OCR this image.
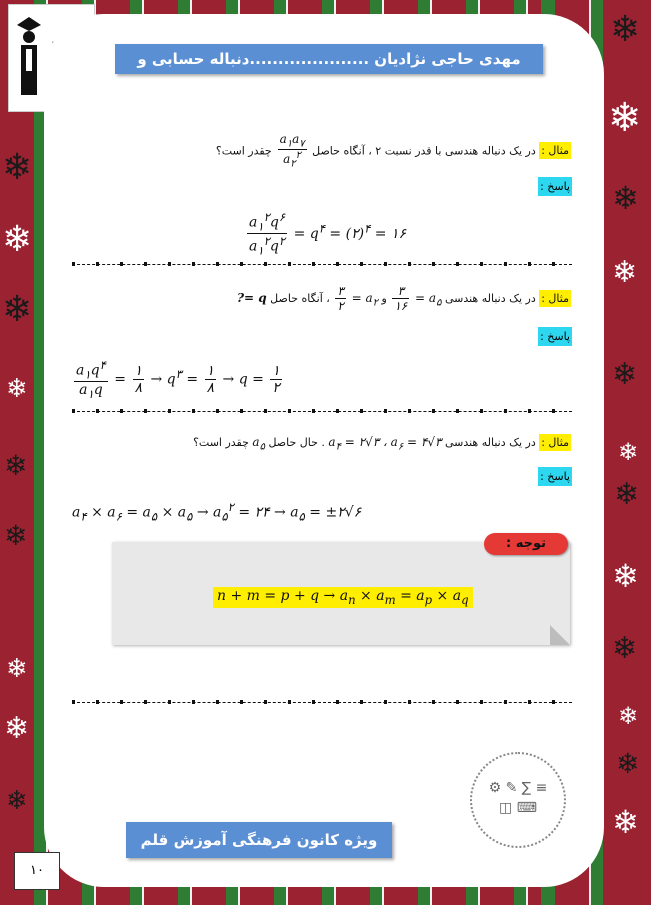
❄
❄
❄
❄
❄
❄
❄
❄
❄
❄
❄
❄
❄
❄
❄
❄
❄
❄
❄
❄
❄
مهدی حاجی نژادیان .....................دنباله حسابی و هندسی
مثال : در یک دنباله هندسی با قدر نسبت ۲ ، آنگاه حاصل
$\frac{a_۱a_۷}{a_۲^۲}$
چقدر است؟
پاسخ :
$\frac{a_۱^۲q^۶}{a_۱^۲q^۲} = q^۴$ = (۲)$^۴$ = ۱۶
مثال : در یک دنباله هندسی $a_۵$ =
$\frac{۳}{۱۶}$
و $a_۲$ =
$\frac{۳}{۲}$
، آنگاه حاصل q =?
پاسخ :
$\frac{a_۱q^۴}{a_۱q} = \frac{۱}{۸} \to q^۳ = \frac{۱}{۸} \to q = \frac{۱}{۲}$
مثال : در یک دنباله هندسی $a_۴$ = ۲√۳ ، $a_۶$ = ۴√۳ . حال حاصل $a_۵$ چقدر است؟
پاسخ :
$a_۴ \times a_۶ = a_۵ \times a_۵ \to a_۵^۲$ = ۲۴ → $a_۵$ = ±۲√۶
توجه :
$n + m = p + q \to a_n \times a_m = a_p \times a_q$
⚙ ✎ ∑ ≡ ◫ ⌨
ویژه کانون فرهنگی آموزش قلم چی
۱۰
